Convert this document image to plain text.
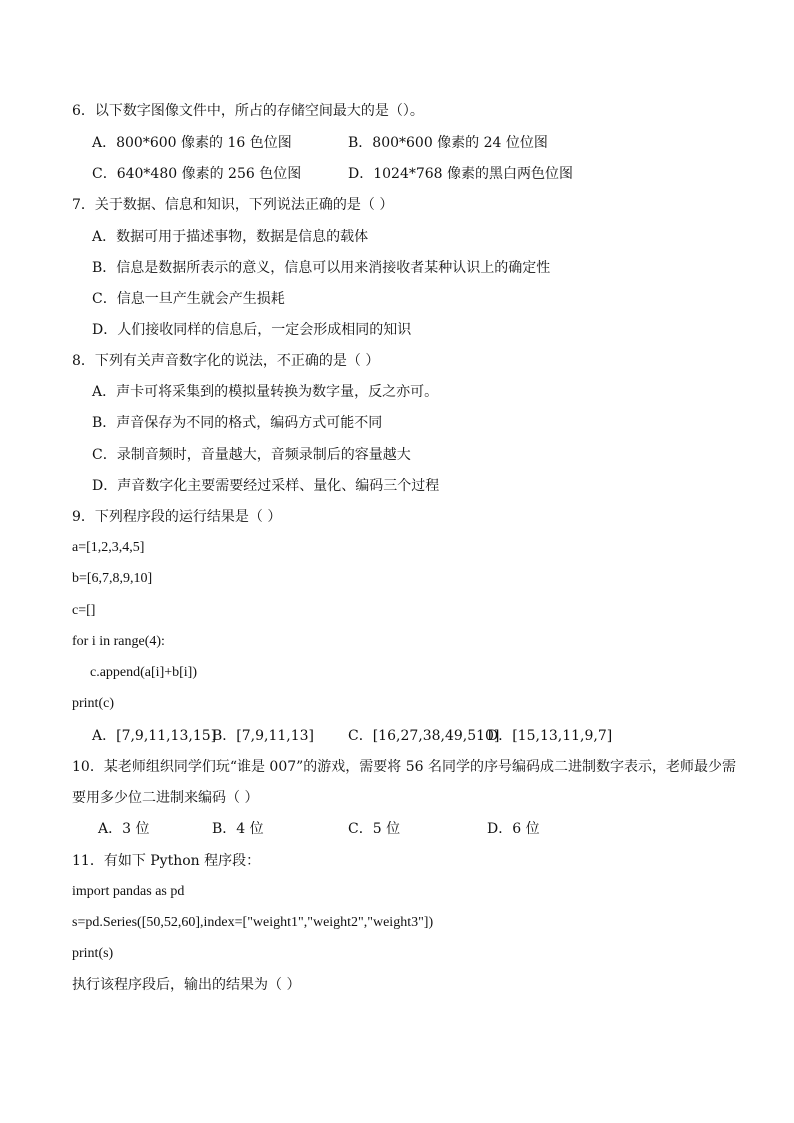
6．以下数字图像文件中，所占的存储空间最大的是（）。
A．800*600 像素的 16 色位图	B．800*600 像素的 24 位位图
C．640*480 像素的 256 色位图	D．1024*768 像素的黑白两色位图
7．关于数据、信息和知识，下列说法正确的是（ ）
A．数据可用于描述事物，数据是信息的载体
B．信息是数据所表示的意义，信息可以用来消接收者某种认识上的确定性
C．信息一旦产生就会产生损耗
D．人们接收同样的信息后，一定会形成相同的知识
8．下列有关声音数字化的说法，不正确的是（ ）
A．声卡可将采集到的模拟量转换为数字量，反之亦可。
B．声音保存为不同的格式，编码方式可能不同
C．录制音频时，音量越大，音频录制后的容量越大
D．声音数字化主要需要经过采样、量化、编码三个过程
9．下列程序段的运行结果是（ ）
a=[1,2,3,4,5]
b=[6,7,8,9,10]
c=[]
for i in range(4):
c.append(a[i]+b[i])
print(c)
A．[7,9,11,13,15]
B．[7,9,11,13] C．[16,27,38,49,510]
D．[15,13,11,9,7]
10．某老师组织同学们玩“谁是 007”的游戏，需要将 56 名同学的序号编码成二进制数字表示，老师最少需
要用多少位二进制来编码（ ）
A．3 位	B．4 位	C．5 位	D．6 位
11．有如下 Python 程序段：
import pandas as pd
s=pd.Series([50,52,60],index=["weight1","weight2","weight3"])
print(s)
执行该程序段后，输出的结果为（ ）
